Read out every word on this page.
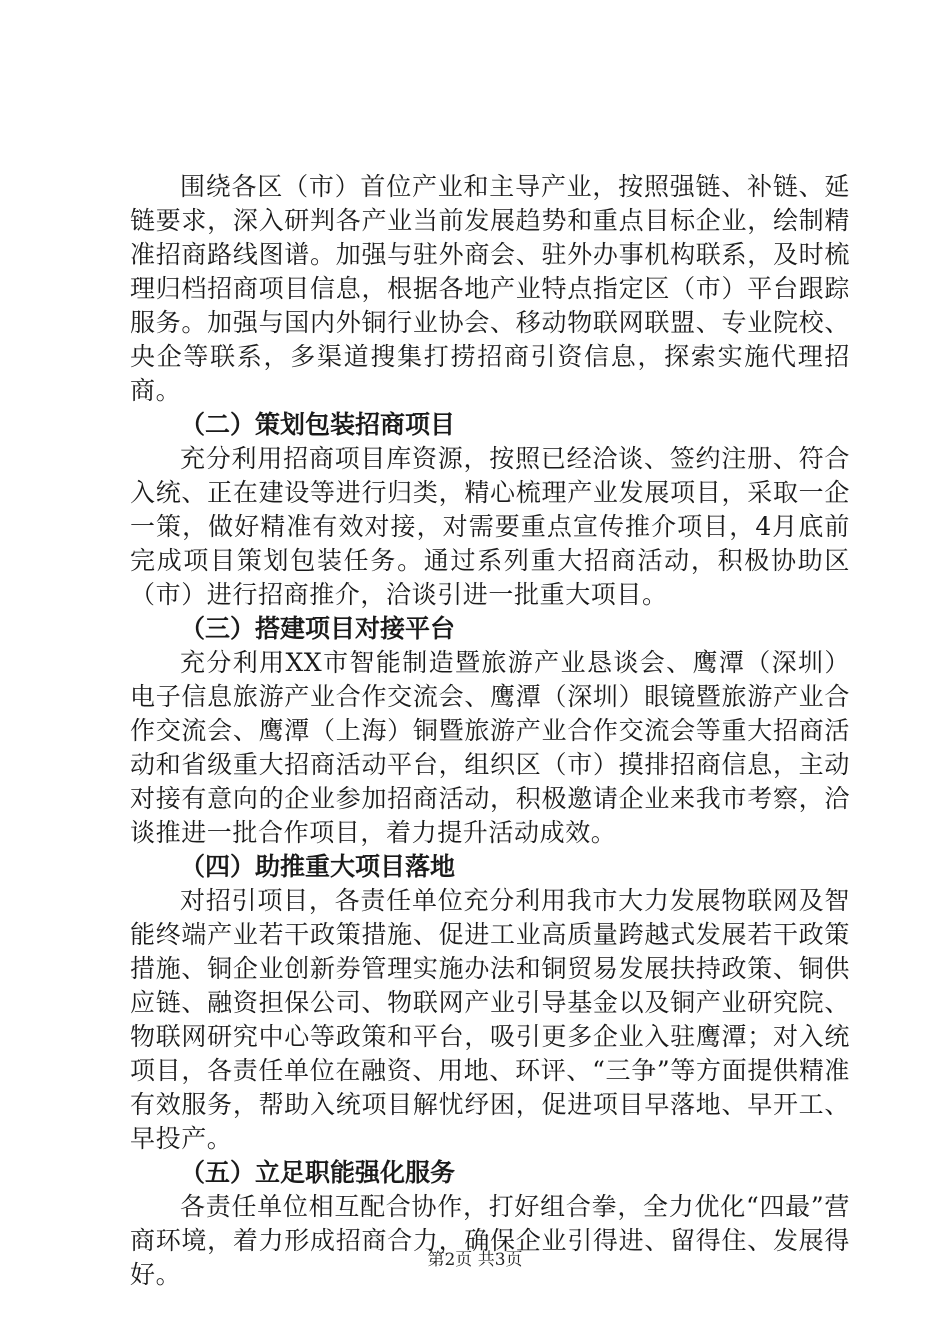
围绕各区（市）首位产业和主导产业，按照强链、补链、延链要求，深入研判各产业当前发展趋势和重点目标企业，绘制精准招商路线图谱。加强与驻外商会、驻外办事机构联系，及时梳理归档招商项目信息，根据各地产业特点指定区（市）平台跟踪服务。加强与国内外铜行业协会、移动物联网联盟、专业院校、央企等联系，多渠道搜集打捞招商引资信息，探索实施代理招商。

（二）策划包装招商项目

充分利用招商项目库资源，按照已经洽谈、签约注册、符合入统、正在建设等进行归类，精心梳理产业发展项目，采取一企一策，做好精准有效对接，对需要重点宣传推介项目，4月底前完成项目策划包装任务。通过系列重大招商活动，积极协助区（市）进行招商推介，洽谈引进一批重大项目。

（三）搭建项目对接平台

充分利用XX市智能制造暨旅游产业恳谈会、鹰潭（深圳）电子信息旅游产业合作交流会、鹰潭（深圳）眼镜暨旅游产业合作交流会、鹰潭（上海）铜暨旅游产业合作交流会等重大招商活动和省级重大招商活动平台，组织区（市）摸排招商信息，主动对接有意向的企业参加招商活动，积极邀请企业来我市考察，洽谈推进一批合作项目，着力提升活动成效。

（四）助推重大项目落地

对招引项目，各责任单位充分利用我市大力发展物联网及智能终端产业若干政策措施、促进工业高质量跨越式发展若干政策措施、铜企业创新券管理实施办法和铜贸易发展扶持政策、铜供应链、融资担保公司、物联网产业引导基金以及铜产业研究院、物联网研究中心等政策和平台，吸引更多企业入驻鹰潭；对入统项目，各责任单位在融资、用地、环评、“三争”等方面提供精准有效服务，帮助入统项目解忧纾困，促进项目早落地、早开工、早投产。

（五）立足职能强化服务

各责任单位相互配合协作，打好组合拳，全力优化“四最”营商环境，着力形成招商合力，确保企业引得进、留得住、发展得好。	第2页 共3页
